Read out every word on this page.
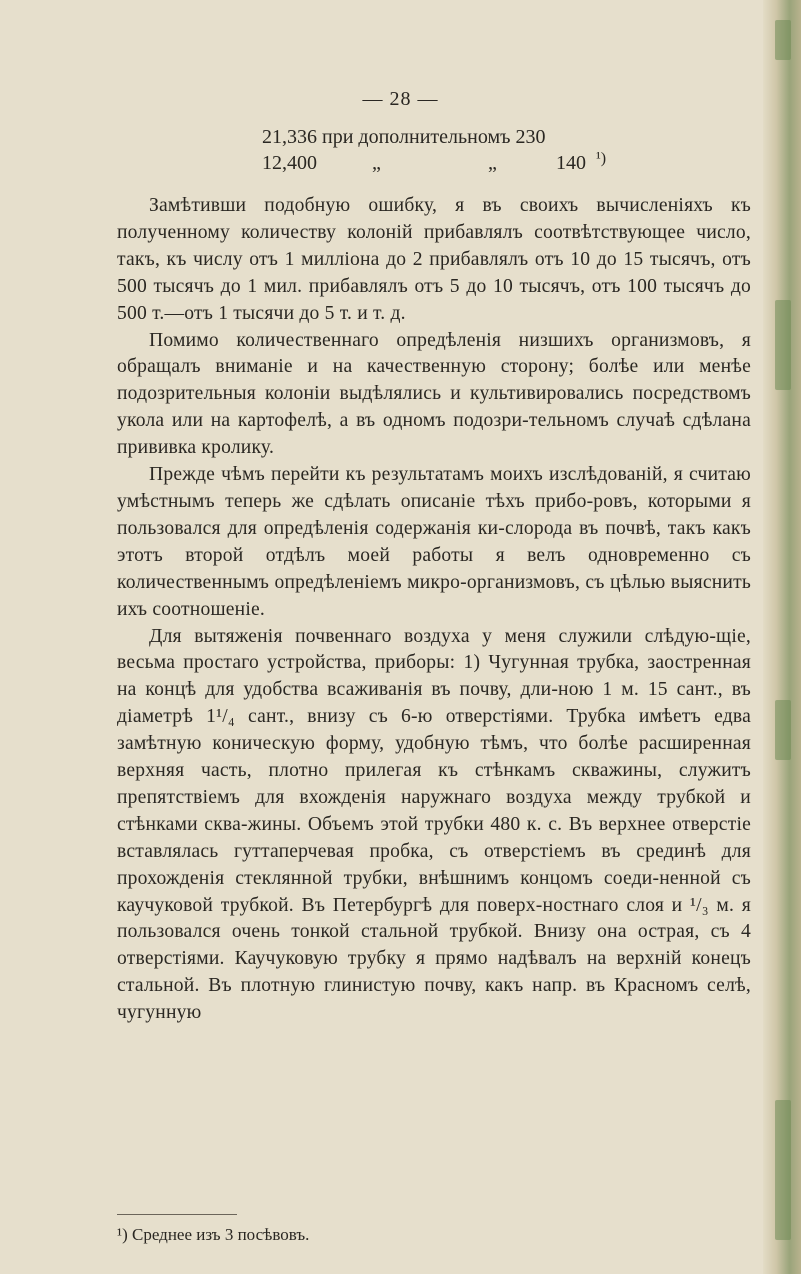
— 28 —
21,336 при дополнительномъ 230
12,400	„	„	140 ¹)

Замѣтивши подобную ошибку, я въ своихъ вычисленіяхъ къ полученному количеству колоній прибавлялъ соотвѣтствующее число, такъ, къ числу отъ 1 милліона до 2 прибавлялъ отъ 10 до 15 тысячъ, отъ 500 тысячъ до 1 мил. прибавлялъ отъ 5 до 10 тысячъ, отъ 100 тысячъ до 500 т.—отъ 1 тысячи до 5 т. и т. д.

Помимо количественнаго опредѣленія низшихъ организмовъ, я обращалъ вниманіе и на качественную сторону; болѣе или менѣе подозрительныя колоніи выдѣлялись и культивировались посредствомъ укола или на картофелѣ, а въ одномъ подозри-тельномъ случаѣ сдѣлана прививка кролику.

Прежде чѣмъ перейти къ результатамъ моихъ изслѣдованій, я считаю умѣстнымъ теперь же сдѣлать описаніе тѣхъ прибо-ровъ, которыми я пользовался для опредѣленія содержанія ки-слорода въ почвѣ, такъ какъ этотъ второй отдѣлъ моей работы я велъ одновременно съ количественнымъ опредѣленіемъ микро-организмовъ, съ цѣлью выяснить ихъ соотношеніе.

Для вытяженія почвеннаго воздуха у меня служили слѣдую-щіе, весьма простаго устройства, приборы: 1) Чугунная трубка, заостренная на концѣ для удобства всаживанія въ почву, дли-ною 1 м. 15 сант., въ діаметрѣ 1¹/₄ сант., внизу съ 6-ю отверстіями. Трубка имѣетъ едва замѣтную коническую форму, удобную тѣмъ, что болѣе расширенная верхняя часть, плотно прилегая къ стѣнкамъ скважины, служитъ препятствіемъ для вхожденія наружнаго воздуха между трубкой и стѣнками сква-жины. Объемъ этой трубки 480 к. с. Въ верхнее отверстіе вставлялась гуттаперчевая пробка, съ отверстіемъ въ срединѣ для прохожденія стеклянной трубки, внѣшнимъ концомъ соеди-ненной съ каучуковой трубкой. Въ Петербургѣ для поверх-ностнаго слоя и ¹/₃ м. я пользовался очень тонкой стальной трубкой. Внизу она острая, съ 4 отверстіями. Каучуковую трубку я прямо надѣвалъ на верхній конецъ стальной. Въ плотную глинистую почву, какъ напр. въ Красномъ селѣ, чугунную

¹) Среднее изъ 3 посѣвовъ.
